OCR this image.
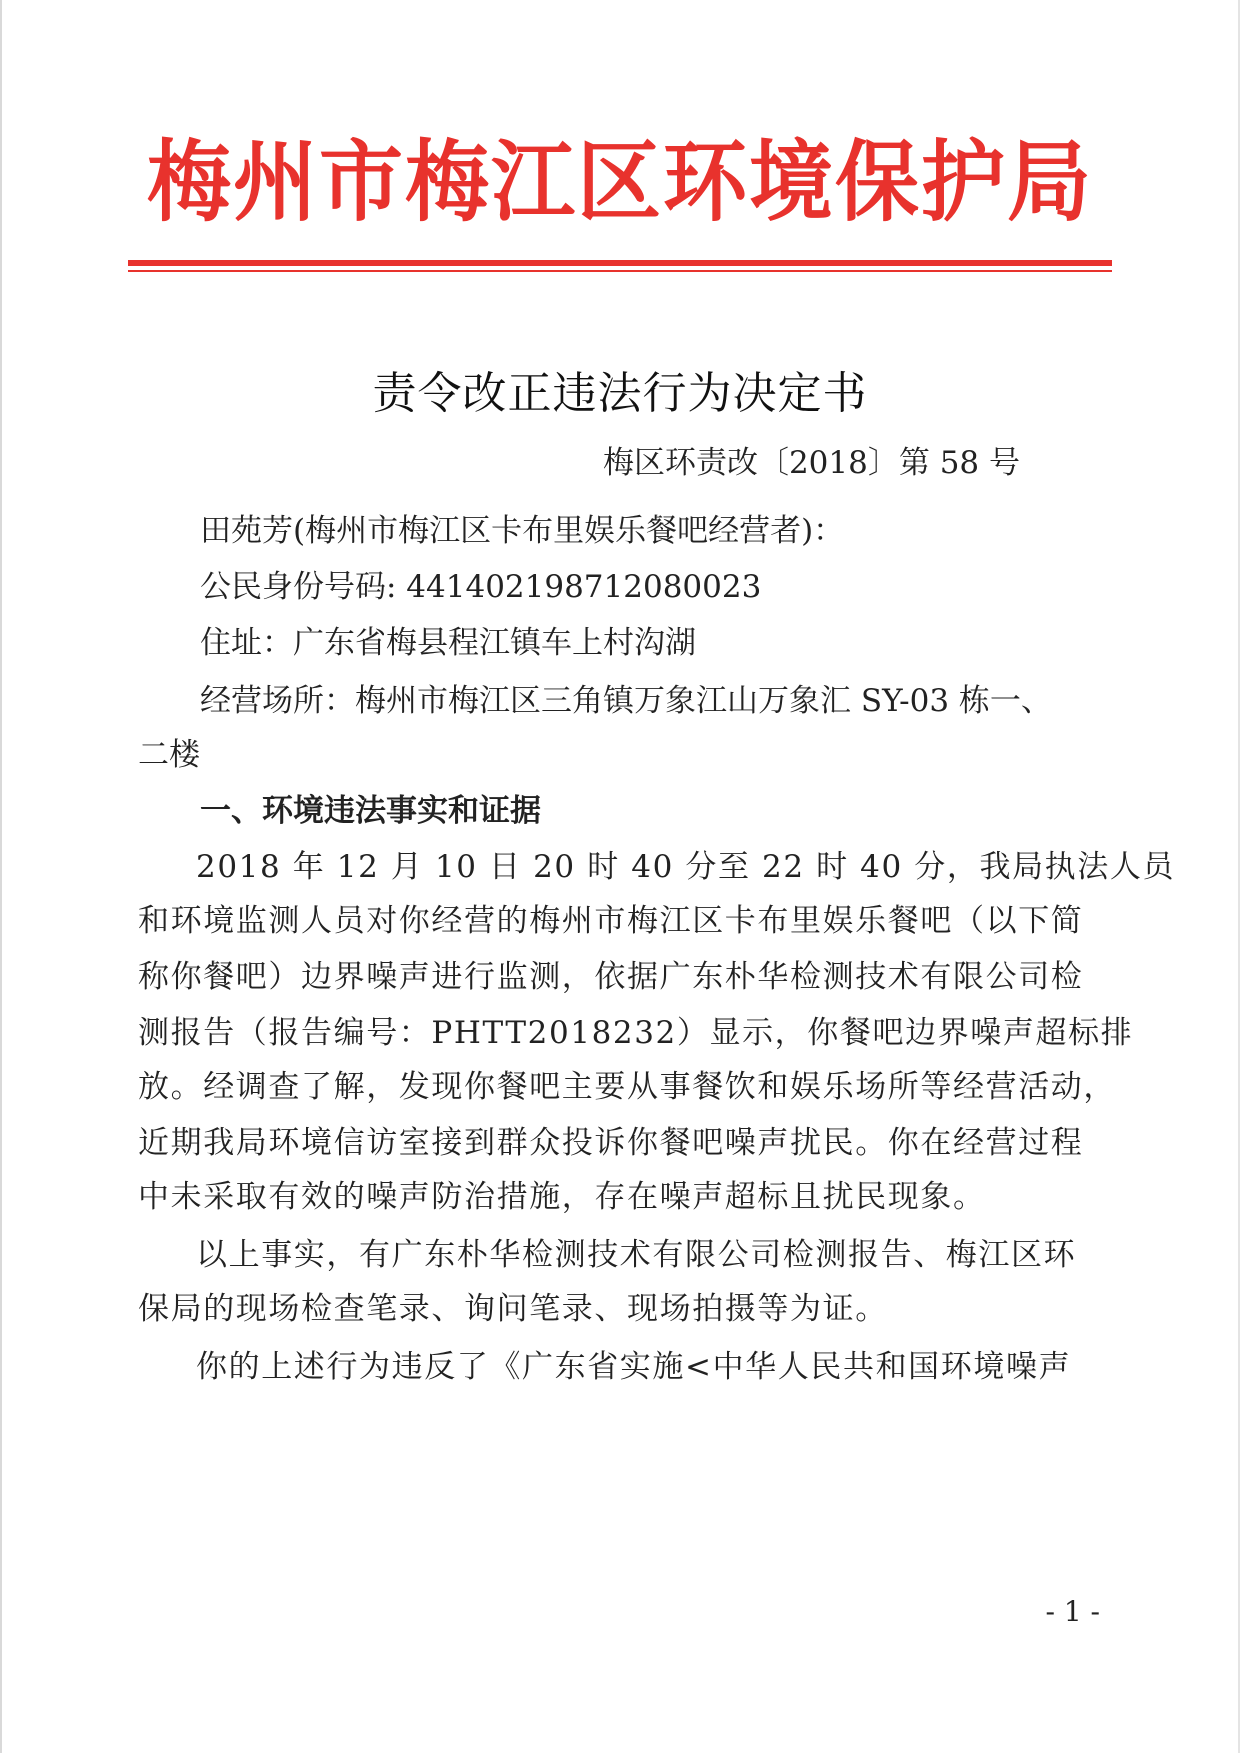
梅州市梅江区环境保护局
责令改正违法行为决定书
梅区环责改〔2018〕第 58 号
田苑芳(梅州市梅江区卡布里娱乐餐吧经营者)：
公民身份号码: 441402198712080023
住址：广东省梅县程江镇车上村沟湖
经营场所：梅州市梅江区三角镇万象江山万象汇 SY-03 栋一、
二楼
一、环境违法事实和证据
2018 年 12 月 10 日 20 时 40 分至 22 时 40 分，我局执法人员
和环境监测人员对你经营的梅州市梅江区卡布里娱乐餐吧（以下简
称你餐吧）边界噪声进行监测，依据广东朴华检测技术有限公司检
测报告（报告编号：PHTT2018232）显示，你餐吧边界噪声超标排
放。经调查了解，发现你餐吧主要从事餐饮和娱乐场所等经营活动，
近期我局环境信访室接到群众投诉你餐吧噪声扰民。你在经营过程
中未采取有效的噪声防治措施，存在噪声超标且扰民现象。
以上事实，有广东朴华检测技术有限公司检测报告、梅江区环
保局的现场检查笔录、询问笔录、现场拍摄等为证。
你的上述行为违反了《广东省实施<中华人民共和国环境噪声
- 1 -
